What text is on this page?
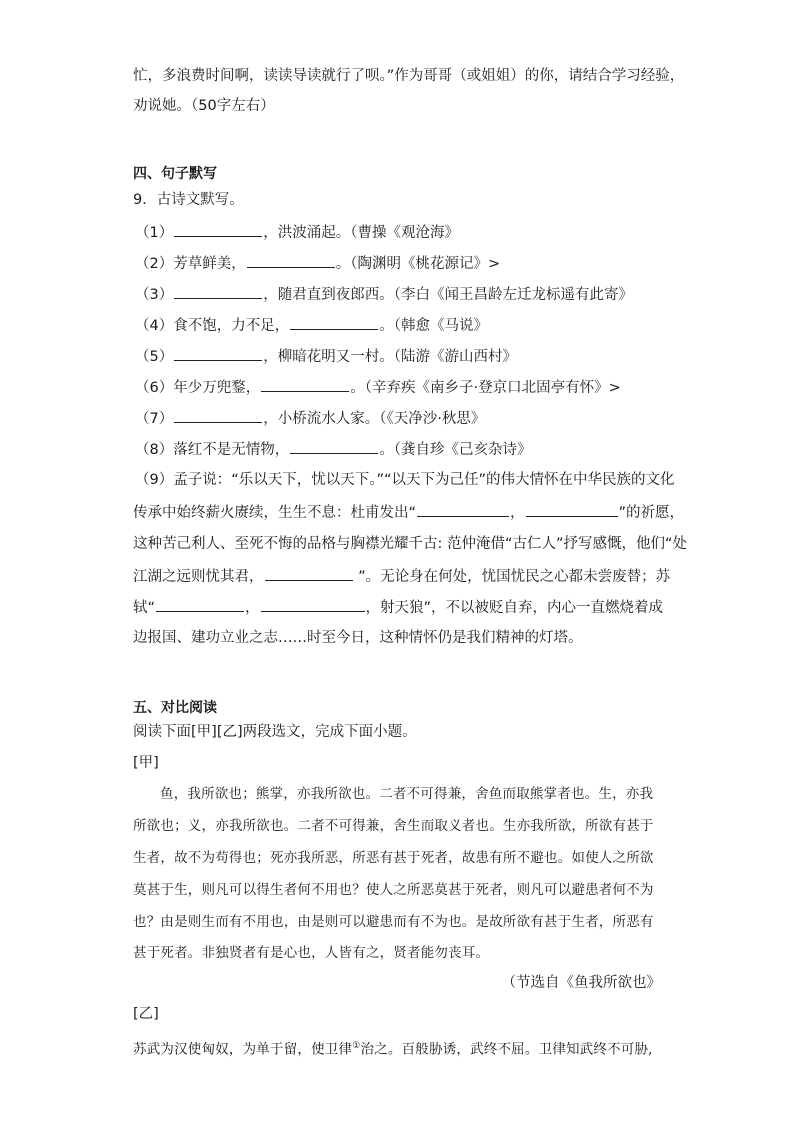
忙，多浪费时间啊，读读导读就行了呗。”作为哥哥（或姐姐）的你，请结合学习经验，
劝说她。（50字左右）
四、句子默写
9．古诗文默写。
（1）	，洪波涌起。（曹操《观沧海》
（2）芳草鲜美，	。（陶渊明《桃花源记》>
（3）	，随君直到夜郎西。（李白《闻王昌龄左迁龙标遥有此寄》
（4）食不饱，力不足，	。（韩愈《马说》
（5）	，柳暗花明又一村。（陆游《游山西村》
（6）年少万兜鍪，	。（辛弃疾《南乡子·登京口北固亭有怀》>
（7）	，小桥流水人家。（《天净沙·秋思》
（8）落红不是无情物，	。（龚自珍《己亥杂诗》
（9）孟子说：“乐以天下，忧以天下。”“以天下为己任”的伟大情怀在中华民族的文化
传承中始终薪火赓续，生生不息：杜甫发出“	，	”的祈愿，
这种苦己利人、至死不悔的品格与胸襟光耀千古: 范仲淹借“古仁人”抒写感慨，他们“处
江湖之远则忧其君，	”。无论身在何处，忧国忧民之心都未尝废替；苏
轼“	，	，射天狼”，不以被贬自弃，内心一直燃烧着成
边报国、建功立业之志……时至今日，这种情怀仍是我们精神的灯塔。
五、对比阅读
阅读下面[甲][乙]两段选文，完成下面小题。
[甲]
鱼，我所欲也；熊掌，亦我所欲也。二者不可得兼，舍鱼而取熊掌者也。生，亦我
所欲也；义，亦我所欲也。二者不可得兼，舍生而取义者也。生亦我所欲，所欲有甚于
生者，故不为苟得也；死亦我所恶，所恶有甚于死者，故患有所不避也。如使人之所欲
莫甚于生，则凡可以得生者何不用也？使人之所恶莫甚于死者，则凡可以避患者何不为
也？由是则生而有不用也，由是则可以避患而有不为也。是故所欲有甚于生者，所恶有
甚于死者。非独贤者有是心也，人皆有之，贤者能勿丧耳。
（节选自《鱼我所欲也》
[乙]
苏武为汉使匈奴，为单于留，使卫律①治之。百般胁诱，武终不屈。卫律知武终不可胁,
